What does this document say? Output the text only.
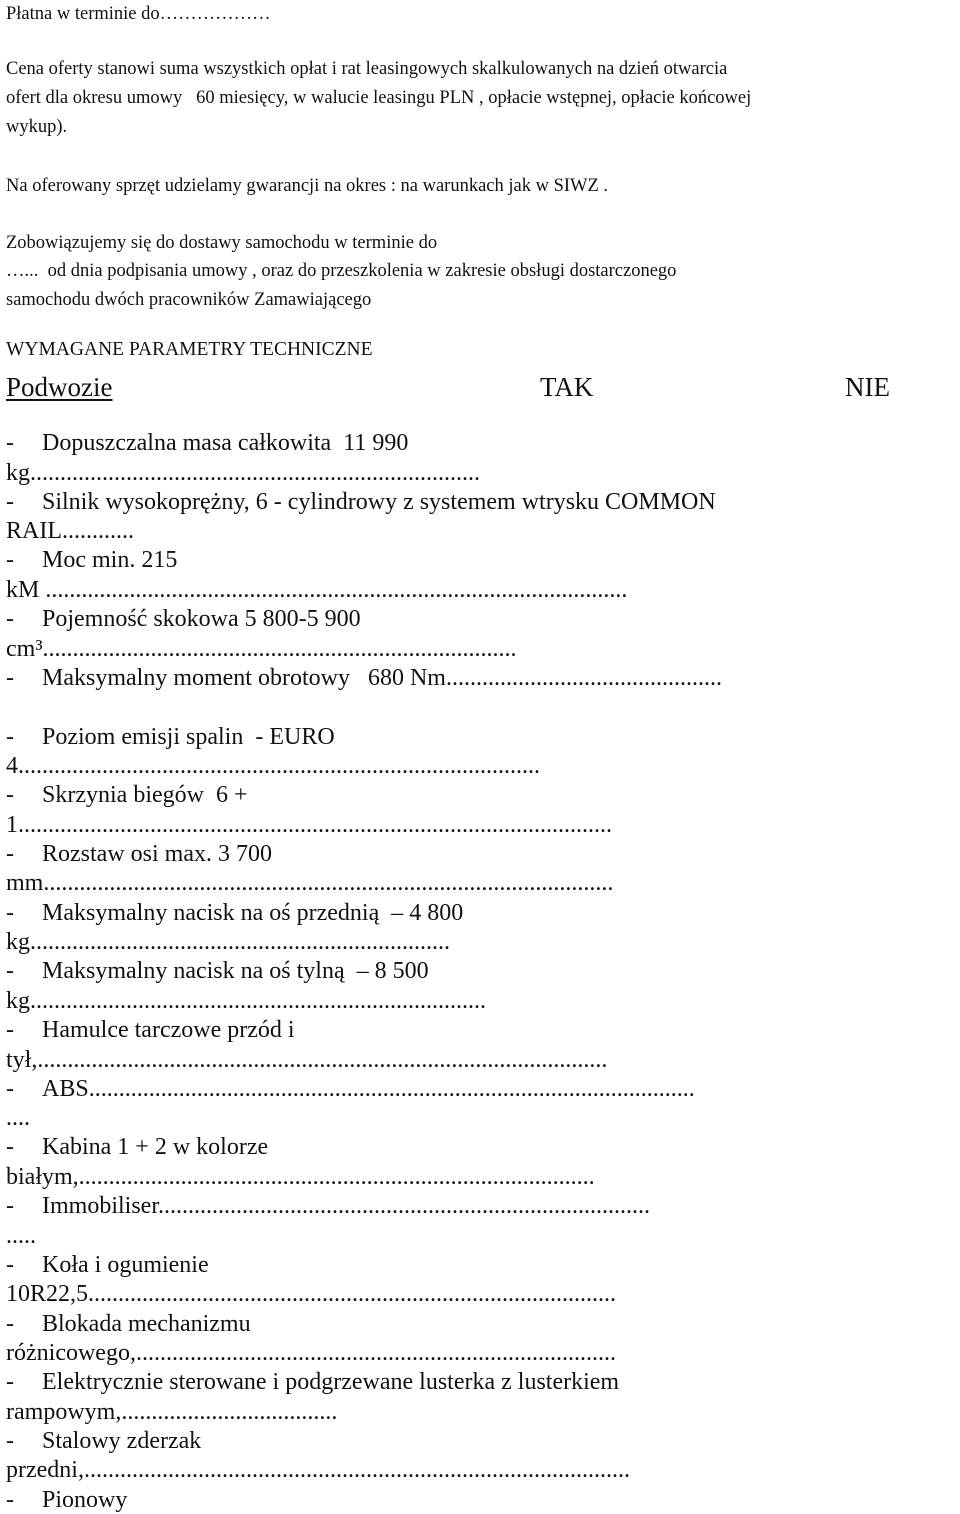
Płatna w terminie do………………
Cena oferty stanowi suma wszystkich opłat i rat leasingowych skalkulowanych na dzień otwarcia
ofert dla okresu umowy   60 miesięcy, w walucie leasingu PLN , opłacie wstępnej, opłacie końcowej
wykup).
Na oferowany sprzęt udzielamy gwarancji na okres : na warunkach jak w SIWZ .
Zobowiązujemy się do dostawy samochodu w terminie do
…...  od dnia podpisania umowy , oraz do przeszkolenia w zakresie obsługi dostarczonego
samochodu dwóch pracowników Zamawiającego
WYMAGANE PARAMETRY TECHNICZNE
Podwozie	TAK	NIE
- Dopuszczalna masa całkowita  11 990
kg...........................................................................
- Silnik wysokoprężny, 6 - cylindrowy z systemem wtrysku COMMON
RAIL............
- Moc min. 215
kM .................................................................................................
- Pojemność skokowa 5 800-5 900
cm³...............................................................................
- Maksymalny moment obrotowy   680 Nm..............................................
- Poziom emisji spalin  - EURO
4.......................................................................................
- Skrzynia biegów  6 +
1...................................................................................................
- Rozstaw osi max. 3 700
mm...............................................................................................
- Maksymalny nacisk na oś przednią  – 4 800
kg......................................................................
- Maksymalny nacisk na oś tylną  – 8 500
kg............................................................................
- Hamulce tarczowe przód i
tył,...............................................................................................
- ABS.....................................................................................................
....
- Kabina 1 + 2 w kolorze
białym,......................................................................................
- Immobiliser..................................................................................
.....
- Koła i ogumienie
10R22,5........................................................................................
- Blokada mechanizmu
różnicowego,................................................................................
- Elektrycznie sterowane i podgrzewane lusterka z lusterkiem
rampowym,....................................
- Stalowy zderzak
przedni,...........................................................................................
- Pionowy
